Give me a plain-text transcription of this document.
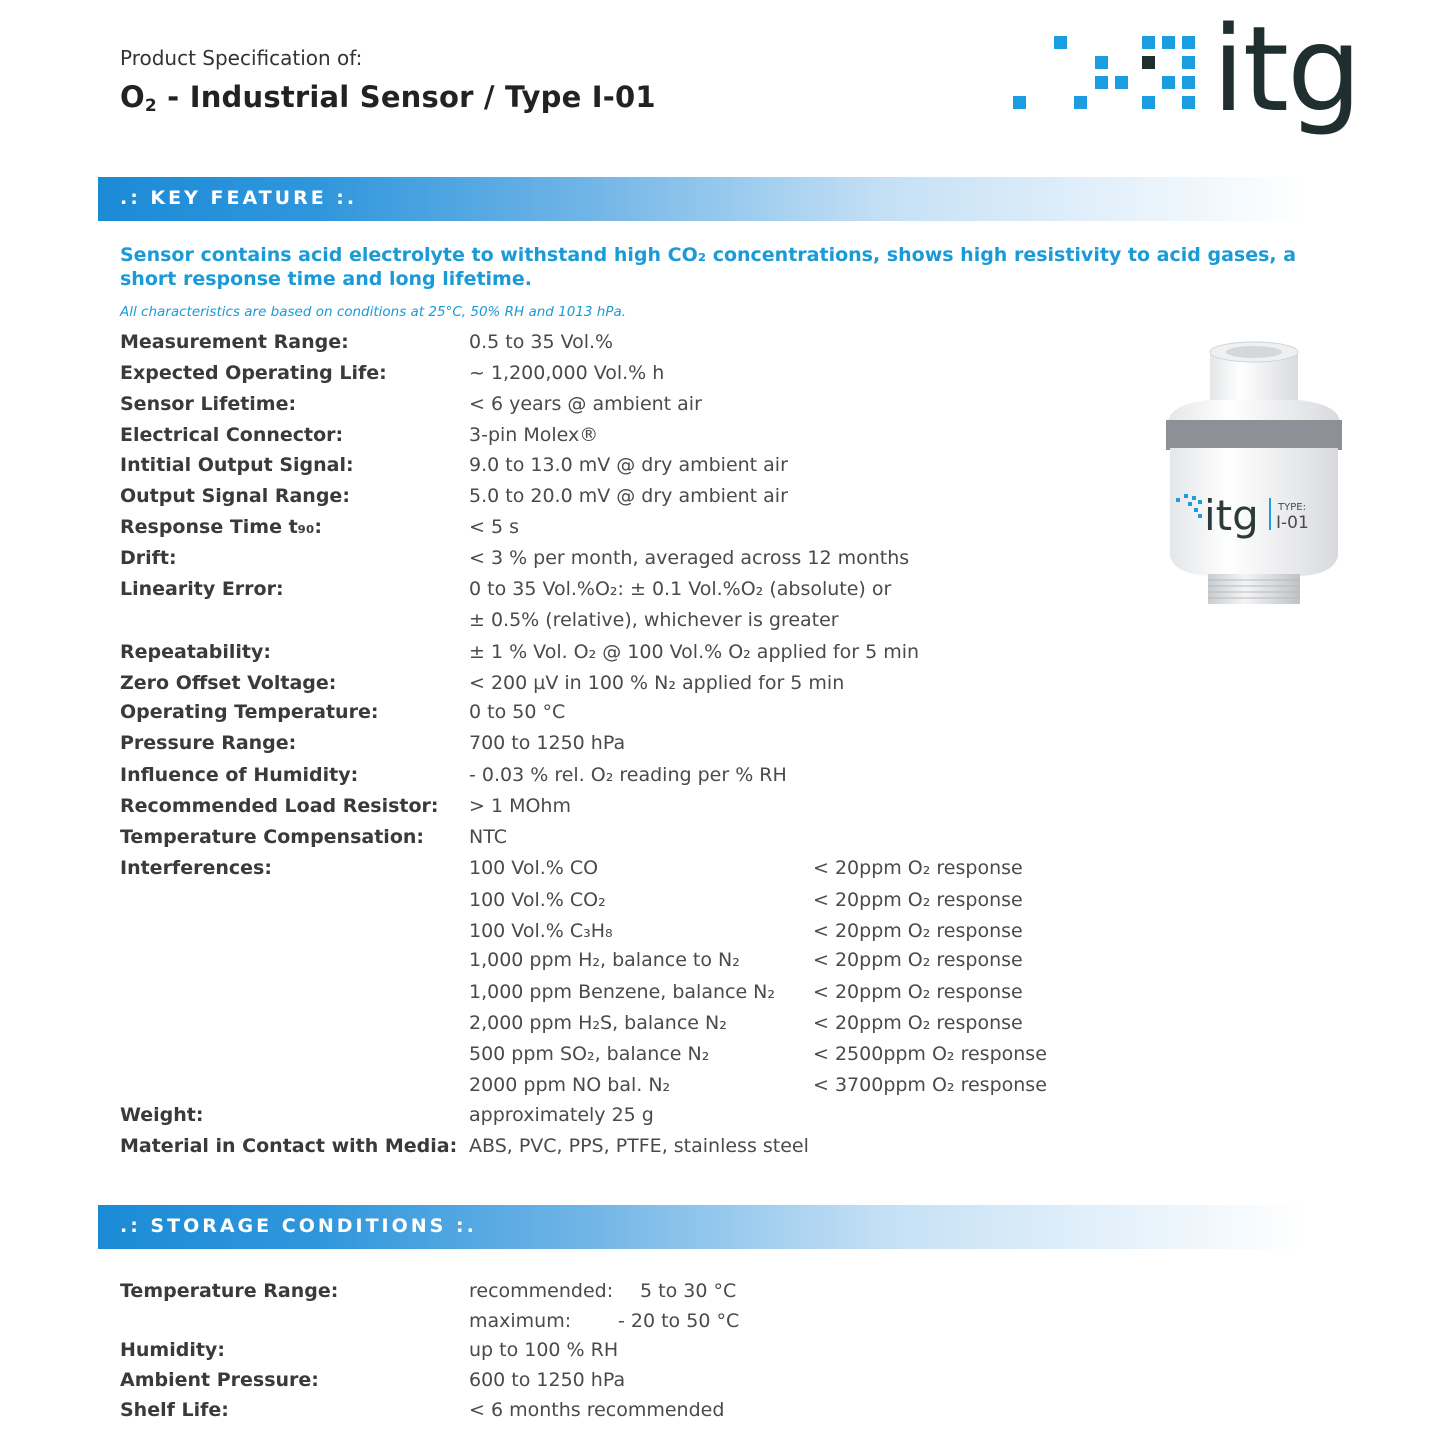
Product Specification of:
$O_2$ - Industrial Sensor / Type I-01	itg
.: KEY FEATURE :.
Sensor contains acid electrolyte to withstand high CO₂ concentrations, shows high resistivity to acid gases, a short response time and long lifetime.
All characteristics are based on conditions at 25°C, 50% RH and 1013 hPa.
Measurement Range:	0.5 to 35 Vol.%
Expected Operating Life:	~ 1,200,000 Vol.% h
Sensor Lifetime:	< 6 years @ ambient air
Electrical Connector:	3-pin Molex®
Intitial Output Signal:	9.0 to 13.0 mV @ dry ambient air
Output Signal Range:	5.0 to 20.0 mV @ dry ambient air
Response Time t₉₀:	< 5 s
Drift:	< 3 % per month, averaged across 12 months
Linearity Error:	0 to 35 Vol.%O₂: ± 0.1 Vol.%O₂ (absolute) or
± 0.5% (relative), whichever is greater
Repeatability:	± 1 % Vol. O₂ @ 100 Vol.% O₂ applied for 5 min
Zero Offset Voltage:	< 200 µV in 100 % N₂ applied for 5 min
Operating Temperature:	0 to 50 °C
Pressure Range:	700 to 1250 hPa
Influence of Humidity:	- 0.03 % rel. O₂ reading per % RH
Recommended Load Resistor: > 1 MOhm
Temperature Compensation: NTC
Interferences:	100 Vol.% CO	< 20ppm O₂ response
100 Vol.% CO₂	< 20ppm O₂ response
100 Vol.% C₃H₈	< 20ppm O₂ response
1,000 ppm H₂, balance to N₂	< 20ppm O₂ response
1,000 ppm Benzene, balance N₂ < 20ppm O₂ response
2,000 ppm H₂S, balance N₂	< 20ppm O₂ response
500 ppm SO₂, balance N₂	< 2500ppm O₂ response
2000 ppm NO bal. N₂	< 3700ppm O₂ response
Weight:	approximately 25 g
Material in Contact with Media: ABS, PVC, PPS, PTFE, stainless steel
.: STORAGE CONDITIONS :.
Temperature Range:	recommended: 5 to 30 °C
maximum: - 20 to 50 °C
Humidity:	up to 100 % RH
Ambient Pressure:	600 to 1250 hPa
Shelf Life:	< 6 months recommended
itg TYPE:
I-01
